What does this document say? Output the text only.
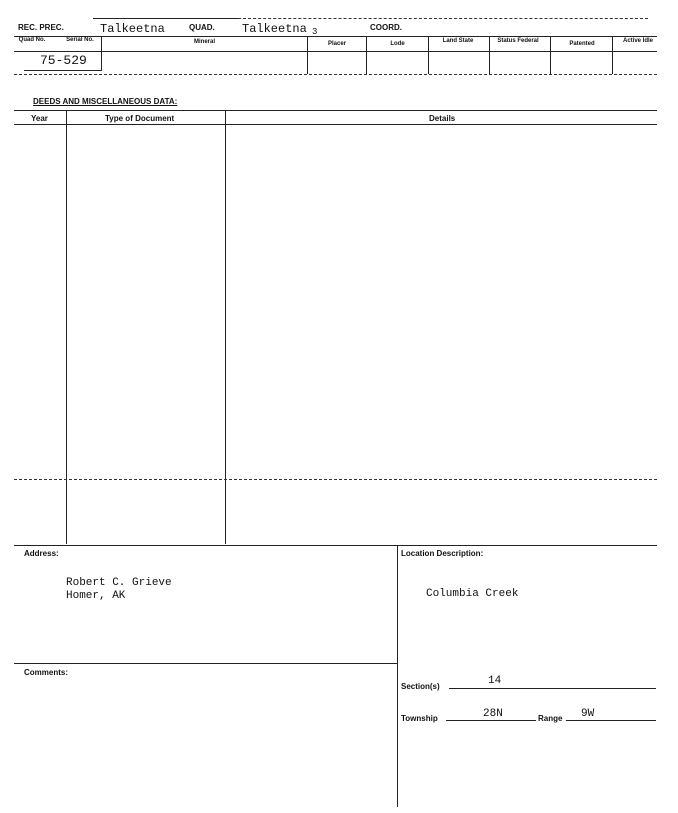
REC. PREC.	Talkeetna	QUAD. Talkeetna 3	COORD.
Quad No.	Serial No.	Mineral	Placer	Lode	Land State	Status Federal	Patented	Active Idle
75-529
DEEDS AND MISCELLANEOUS DATA:
Year	Type of Document	Details
Address:
Robert C. Grieve
Homer, AK
Location Description:
Columbia Creek
Comments:
Section(s)	14
Township	28N	Range 9W
